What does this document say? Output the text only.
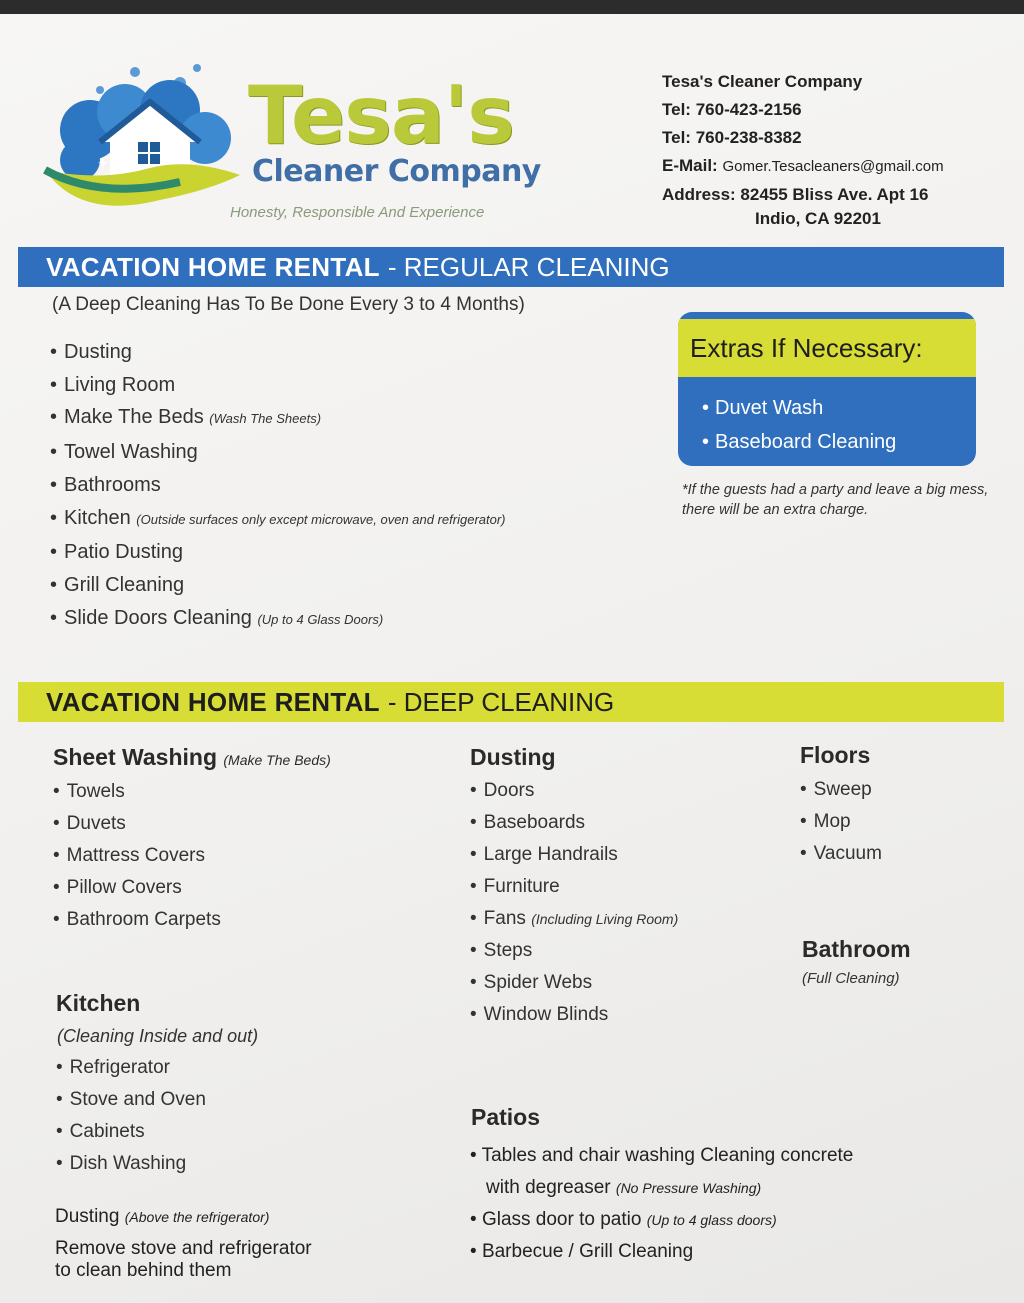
✦
Tesa's
Cleaner Company
Honesty, Responsible And Experience
Tesa's Cleaner Company
Tel: 760-423-2156
Tel: 760-238-8382
E-Mail: Gomer.Tesacleaners@gmail.com
Address: 82455 Bliss Ave. Apt 16
Indio, CA 92201
VACATION HOME RENTAL - REGULAR CLEANING
(A Deep Cleaning Has To Be Done Every 3 to 4 Months)
• Dusting
• Living Room
• Make The Beds (Wash The Sheets)
• Towel Washing
• Bathrooms
• Kitchen (Outside surfaces only except microwave, oven and refrigerator)
• Patio Dusting
• Grill Cleaning
• Slide Doors Cleaning (Up to 4 Glass Doors)
Extras If Necessary:
• Duvet Wash
• Baseboard Cleaning
*If the guests had a party and leave a big mess, there will be an extra charge.
VACATION HOME RENTAL - DEEP CLEANING
Sheet Washing (Make The Beds)
• Towels
• Duvets
• Mattress Covers
• Pillow Covers
• Bathroom Carpets
Kitchen
(Cleaning Inside and out)
• Refrigerator
• Stove and Oven
• Cabinets
• Dish Washing
Dusting (Above the refrigerator)
Remove stove and refrigerator
to clean behind them
Dusting
• Doors
• Baseboards
• Large Handrails
• Furniture
• Fans (Including Living Room)
• Steps
• Spider Webs
• Window Blinds
Floors
• Sweep
• Mop
• Vacuum
Bathroom
(Full Cleaning)
Patios
• Tables and chair washing Cleaning concrete
with degreaser (No Pressure Washing)
• Glass door to patio (Up to 4 glass doors)
• Barbecue / Grill Cleaning
